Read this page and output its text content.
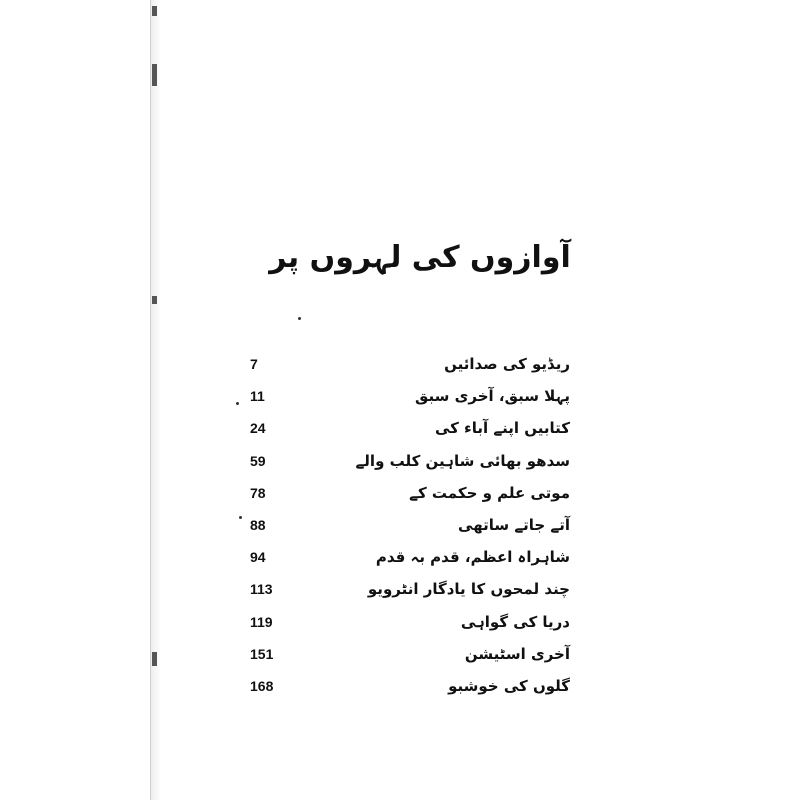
آوازوں کی لہروں پر
7	ریڈیو کی صدائیں
11	پہلا سبق، آخری سبق
24	کتابیں اپنے آباء کی
59	سدھو بھائی شاہین کلب والے
78	موتی علم و حکمت کے
88	آتے جاتے ساتھی
94	شاہراہ اعظم، قدم بہ قدم
113	چند لمحوں کا یادگار انٹرویو
119	دریا کی گواہی
151	آخری اسٹیشن
168	گلوں کی خوشبو
